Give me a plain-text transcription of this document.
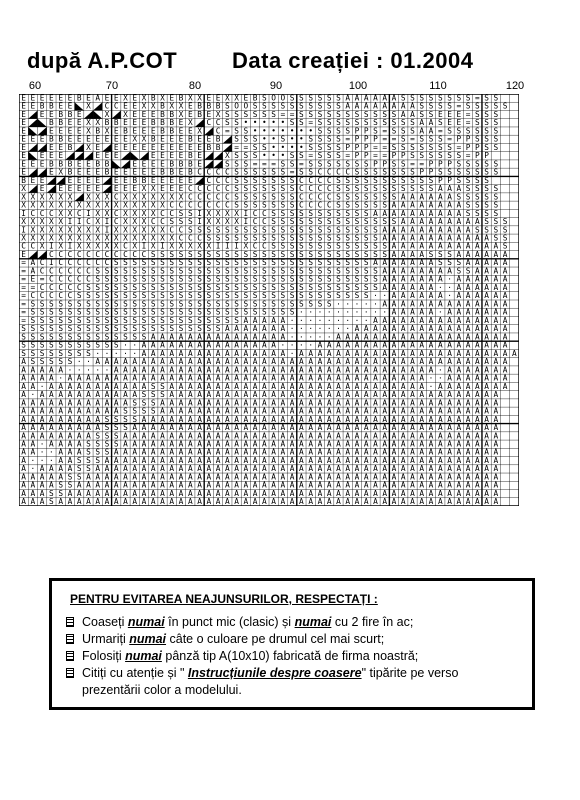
după A.P.COT Data creației : 01.2004
60	70	80	90	100	110	120
E E E E E E B E A E E X E X B X E B X X E E X X E B S O O S S S S S S A A A A A A S S S S S S S S = S S
E E B B E E X C C E E X X B X X E B B B S O O S S S S S S S S S S A A A A A A A A S S S S = S S S S S
E E E B B E	X X E E E B B X E B E X S S S S S S = = S S S S S S S S S S S A A S S E E E = S S S
E	B B E E X X B B E E E B B B E X C C S S • • • • • S S = S S S S S S S S S S S A A S E E = S S S
E	E E E E X B X E B E E E B B E E X C = S S • • • • • • • S S S S P P S = S S S A A = S S S S S S
E E E B B E E E E E E E X X B E E E B E E B S S S • • S • • S S S S = P P P = = S = S S S = P P S S S
E	E E B X E E E E E E E E E E E B B = = S S • • • • S S S S P P P = = S S S S S S S = P P S S
E E E E	E E E	E E E E B E	X S S S • • • S S = S S S = P P = = P P S S S S S S = P P
E E E B B B E E B B	E E E E B B B E	S S S = = = S S = S S S S S S S P P S S = = P P P S S S S S
E	E X B E E E B E E E E E B B E B C C C C S S S S S S = S S C C C C S S S S S S S P P S S S S S S S
B E E	E E E E E E B B E E E E E C C C S S S S S S S C C C C S S S S S S S S S S S P P S S S S
X E E E E E E E E E X X E E E C C C C C S S S S S S S C C C C S S S S S S S S S S S A A A S S S S
X X X X X X X X X C X X X X X X X C C C C C S S S S S S S C C C C S S S S S S S A A A A A A S S S S S
X X X X X X X X X X X X X X X X C C C C C C C S S S S S S S C C C C S S S S S S A A A A A A A A S S S S
I C C C X X C I X X C X X X X C C S S I X X X X I C C S S S S S S S S S S S A A A A A A A A A A S S S S
X X X X X I I C X I C X X X C C S S S I X X X X I C C S S S S S S S S S S S S S S A A A A A A A A A S S S
I X X X X X X X X I X X X X X X C C S S S S S S S S S S S S S S S S S S S S S A A A A A A A A A A S S S S
X X X X X X X X X X X X X X X X X C C C S S S S S S S S S S S S S S S S S S S A A A A A A A A A A A A S S
C C X I X I X X X X X C X I X I X X X X X I I I X C C S S S S S S S S S S S S S A A A A A A A A A A A A S
E	C C C C C C C C C C C S S S S S S S S S S S S S S S S S S S S S S S S S S A A A A S S S A A A A A A
= A C I C C C C C C S S S S S S S S S S S S S S S S S S S S S S S S S S S S A A A A A A A S S S A A A A A
= A C C C C C C S S S S S S S S S S S S S S S S S S S S S S S S S S S S S S S A A A A A A A A S S A A A A
= E = C C C C C S S S S S S S S S S S S S S S S S S S S S S S S S S S S S S S A A A A A A A · A A A A A A
= = C C C C C S S S S S S S S S S S S S S S S S S S S S S S S S S S S S S S S A A A A A A · · A A A A A A
= C C C C C S S S S S S S S S S S S S S S S S S S S S S S S S S S S S S S S · · A A A A A A · A A A A A A
= S S S S S S S S S S S S S S S S S S S S S S S S S S S S S S S S S · · · · · A A A A A A A A A A A A A A
= S S S S S S S S S S S S S S S S S S S S S S S S S S S S S · · · · · · · · · · A A A A A · A A A A A A A
= S S S S S S S S S S S S S S S S S S S S S S S A A A A A · · · · · · · · · A A A A A A A A A A A A A A A
S S S S S S S S S S S S S S S S S S S S S S A A A A A A A · · · · · · · A A A A A A A A A A A A A A A A A
S S S S S S S S S S S S S S A A A A A A A A A A A A A A A · · · · · A A A A A A A A A A A A A A A A A A A
S S S S S S S S S S S · · A A A A A A A A A A A A A A A · · · · A A A A A A A A A A A A A A A A A A A A A
S S S S S S S S · · · · · A A A A A A A A A A A A A A A A · A A A A A A A A A A A A A A A A A A A A A A A A
A S S S S S · · A A A A A A A A A A A A A A A A A A A A A A A A A A A A A A A A A A A A A A A A A A A A A
A A A A A · · · · · A A A A A A A A A A A A A A A A A A A A A A A A A A A A A A A A A A A · A A A A A A A
A A A A · A A A A A A A A A A A A A A A A A A A A A A A A A A A A A A A A A A A A A A A · · A A A A A A A
A A · A A A A A A A A A A A S S A A A A A A A A A A A A A A A A A A A A A A A A A A A A · A A A A A A A A
A · A A A A A A A A A A A S S S A A A A A A A A A A A A A A A A A A A A A A A A A A A A A A A A A A A A
A A A A A A A A A A A A S S S A A A A A A A A A A A A A A A A A A A A A A A A A A A A A A A A A A A A A
A A A A A A A A A A A S S S S A A A A A A A A A A A A A A A A A A A A A A A A A A A A A A A A A A A A A
A A A A A A A A A S S S S A A A A A A A A A A A A A A A A A A A A A A A A A A A A A A A A A A A A A A A
A A A A A A A A A S S S A A A A A A A A A A A A A A A A A A A A A A A A A A A A A A A A A A A A A A A A
A A A A A A A A S S S A A A A A A A A A A A A A A A A A A A A A A A A A A A A A A A A A A A A A A A A A
A A · A A A A S S S S A A A A A A A A A A A A A A A A A A A A A A A A A A A A A A A A A A A A A A A A A
A A · · A A A S S S A A A A A A A A A A A A A A A A A A A A A A A A A A A A A A A A A A A A A A A A A A
A · · · A A S S S A A A A A A A A A A A A A A A A A A A A A A A A A A A A A A A A A A A A A A A A A A A
A · A A A A S S A A A A A A A A A A A A A A A A A A A A A A A A A A A A A A A A A A A A A A A A A A A A
A A A A A S S A A A A A A A A A A A A A A A A A A A A A A A A A A A A A A A A A A A A A A A A A A A A A
A A A A S S A A A A A A A A A A A A A A A A A A A A A A A A A A A A A A A A A A A A A A A A A A A A A A
A A A S S A A A A A A A A A A A A A A A A A A A A A A A A A A A A A A A A A A A A A A A A A A A A A A A
A A A S A A A A A A A A A A A A A A A A A A A A A A A A A A A A A A A A A A A A A A A A A A A A A A A A
PENTRU EVITAREA NEAJUNSURILOR, RESPECTAȚI :
Coaseți numai în punct mic (clasic) și numai cu 2 fire în ac;
Urmariți numai câte o culoare pe drumul cel mai scurt;
Folosiți numai pânză tip A(10x10) fabricată de firma noastră;
Citiți cu atenție și " Instrucțiunile despre coasere" tipărite pe verso prezentării color a modelului.
